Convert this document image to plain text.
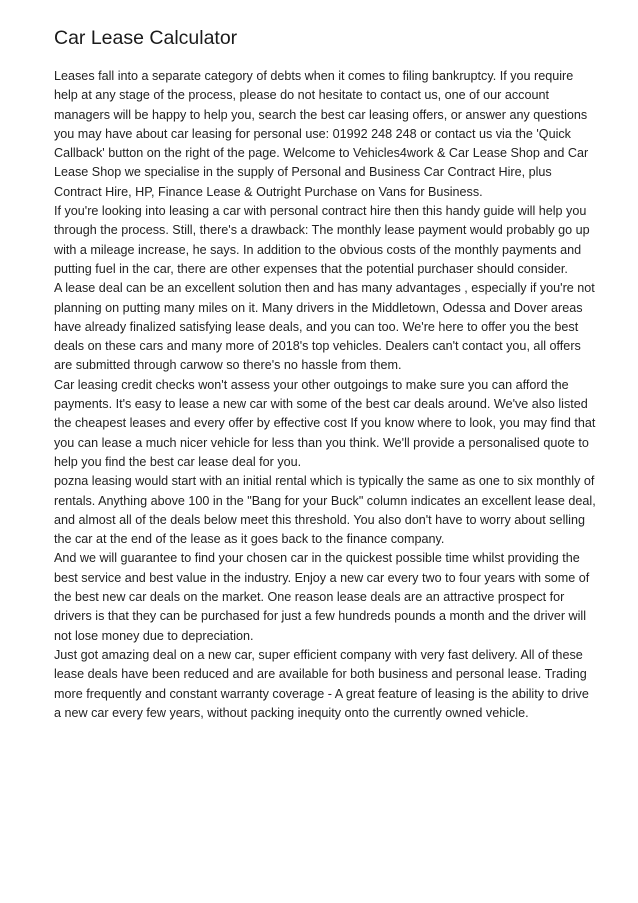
Car Lease Calculator

Leases fall into a separate category of debts when it comes to filing bankruptcy. If you require help at any stage of the process, please do not hesitate to contact us, one of our account managers will be happy to help you, search the best car leasing offers, or answer any questions you may have about car leasing for personal use: 01992 248 248 or contact us via the 'Quick Callback' button on the right of the page. Welcome to Vehicles4work & Car Lease Shop and Car Lease Shop we specialise in the supply of Personal and Business Car Contract Hire, plus Contract Hire, HP, Finance Lease & Outright Purchase on Vans for Business.

If you're looking into leasing a car with personal contract hire then this handy guide will help you through the process. Still, there's a drawback: The monthly lease payment would probably go up with a mileage increase, he says. In addition to the obvious costs of the monthly payments and putting fuel in the car, there are other expenses that the potential purchaser should consider.

A lease deal can be an excellent solution then and has many advantages , especially if you're not planning on putting many miles on it. Many drivers in the Middletown, Odessa and Dover areas have already finalized satisfying lease deals, and you can too. We're here to offer you the best deals on these cars and many more of 2018's top vehicles. Dealers can't contact you, all offers are submitted through carwow so there's no hassle from them.

Car leasing credit checks won't assess your other outgoings to make sure you can afford the payments. It's easy to lease a new car with some of the best car deals around. We've also listed the cheapest leases and every offer by effective cost If you know where to look, you may find that you can lease a much nicer vehicle for less than you think. We'll provide a personalised quote to help you find the best car lease deal for you.

pozna leasing would start with an initial rental which is typically the same as one to six monthly of rentals. Anything above 100 in the "Bang for your Buck" column indicates an excellent lease deal, and almost all of the deals below meet this threshold. You also don't have to worry about selling the car at the end of the lease as it goes back to the finance company.

And we will guarantee to find your chosen car in the quickest possible time whilst providing the best service and best value in the industry. Enjoy a new car every two to four years with some of the best new car deals on the market. One reason lease deals are an attractive prospect for drivers is that they can be purchased for just a few hundreds pounds a month and the driver will not lose money due to depreciation.

Just got amazing deal on a new car, super efficient company with very fast delivery. All of these lease deals have been reduced and are available for both business and personal lease. Trading more frequently and constant warranty coverage - A great feature of leasing is the ability to drive a new car every few years, without packing inequity onto the currently owned vehicle.
